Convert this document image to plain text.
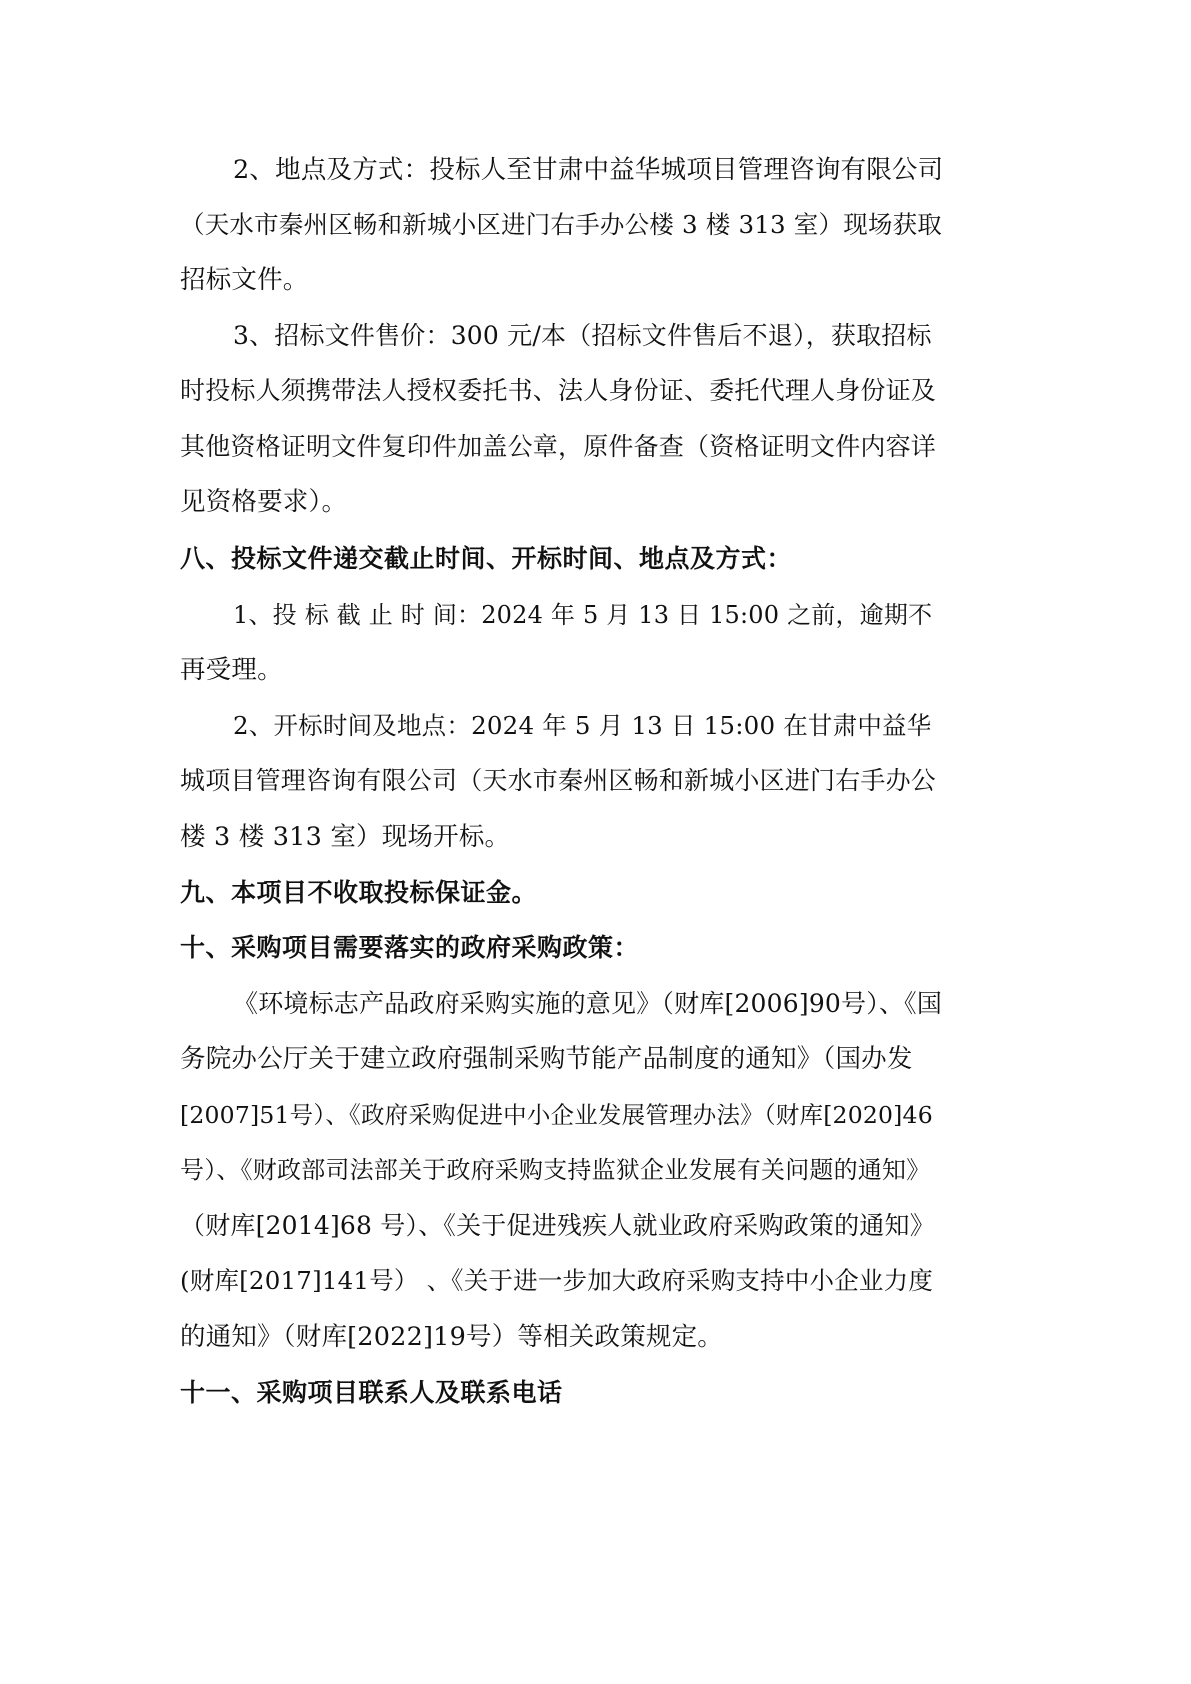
2、地点及方式：投标人至甘肃中益华城项目管理咨询有限公司
（天水市秦州区畅和新城小区进门右手办公楼 3 楼 313 室）现场获取
招标文件。
3、招标文件售价：300 元/本（招标文件售后不退），获取招标
时投标人须携带法人授权委托书、法人身份证、委托代理人身份证及
其他资格证明文件复印件加盖公章，原件备查（资格证明文件内容详
见资格要求）。
八、投标文件递交截止时间、开标时间、地点及方式：
1、投 标 截 止 时 间：2024 年 5 月 13 日 15:00 之前，逾期不
再受理。
2、开标时间及地点：2024 年 5 月 13 日 15:00 在甘肃中益华
城项目管理咨询有限公司（天水市秦州区畅和新城小区进门右手办公
楼 3 楼 313 室）现场开标。
九、本项目不收取投标保证金。
十、采购项目需要落实的政府采购政策：
《环境标志产品政府采购实施的意见》（财库[2006]90号）、《国
务院办公厅关于建立政府强制采购节能产品制度的通知》（国办发
[2007]51号）、《政府采购促进中小企业发展管理办法》（财库[2020]46
号）、《财政部司法部关于政府采购支持监狱企业发展有关问题的通知》
（财库[2014]68 号）、《关于促进残疾人就业政府采购政策的通知》
(财库[2017]141号） 、《关于进一步加大政府采购支持中小企业力度
的通知》（财库[2022]19号）等相关政策规定。
十一、采购项目联系人及联系电话
